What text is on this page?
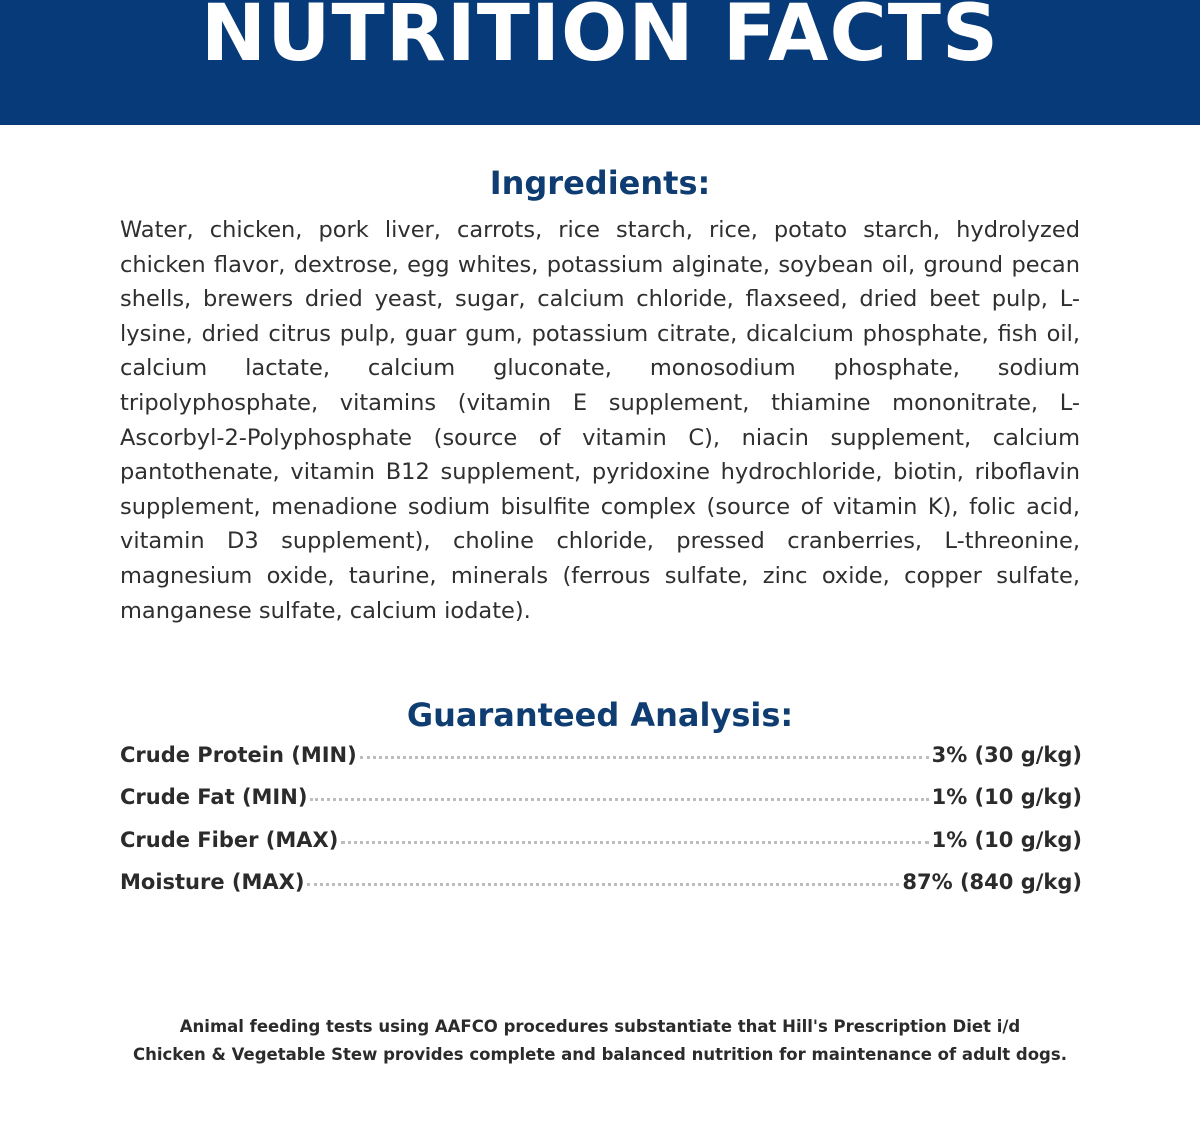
NUTRITION FACTS
Ingredients:

Water, chicken, pork liver, carrots, rice starch, rice, potato starch, hydrolyzed chicken flavor, dextrose, egg whites, potassium alginate, soybean oil, ground pecan shells, brewers dried yeast, sugar, calcium chloride, flaxseed, dried beet pulp, L-lysine, dried citrus pulp, guar gum, potassium citrate, dicalcium phosphate, fish oil, calcium lactate, calcium gluconate, monosodium phosphate, sodium tripolyphosphate, vitamins (vitamin E supplement, thiamine mononitrate, L-Ascorbyl-2-Polyphosphate (source of vitamin C), niacin supplement, calcium pantothenate, vitamin B12 supplement, pyridoxine hydrochloride, biotin, riboflavin supplement, menadione sodium bisulfite complex (source of vitamin K), folic acid, vitamin D3 supplement), choline chloride, pressed cranberries, L-threonine, magnesium oxide, taurine, minerals (ferrous sulfate, zinc oxide, copper sulfate, manganese sulfate, calcium iodate).

Guaranteed Analysis:
Crude Protein (MIN)	3% (30 g/kg)
Crude Fat (MIN)	1% (10 g/kg)
Crude Fiber (MAX)	1% (10 g/kg)
Moisture (MAX)	87% (840 g/kg)
Animal feeding tests using AAFCO procedures substantiate that Hill's Prescription Diet i/d
Chicken & Vegetable Stew provides complete and balanced nutrition for maintenance of adult dogs.
